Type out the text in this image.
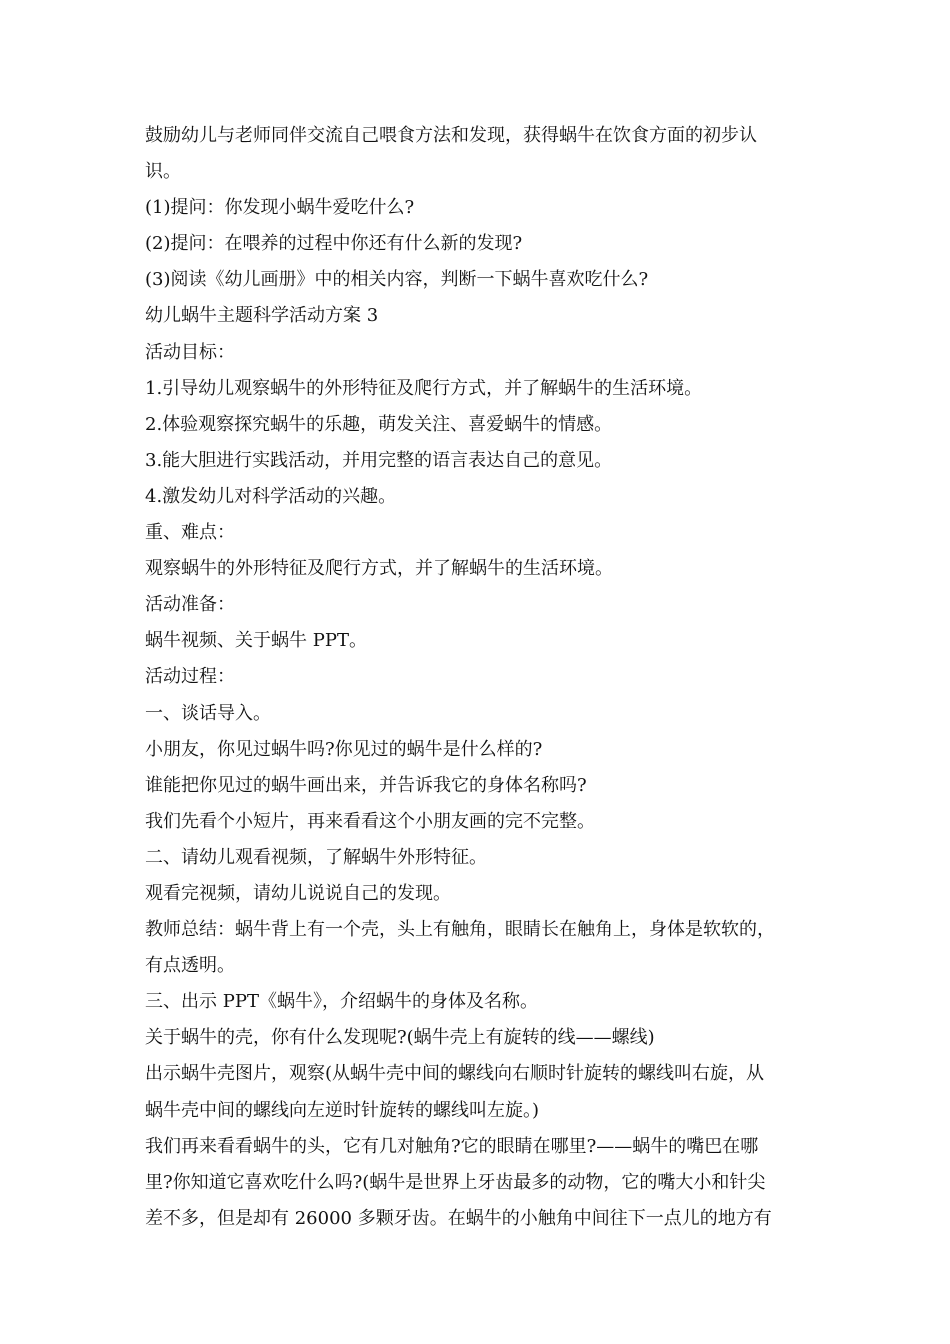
鼓励幼儿与老师同伴交流自己喂食方法和发现，获得蜗牛在饮食方面的初步认
识。
(1)提问：你发现小蜗牛爱吃什么?
(2)提问：在喂养的过程中你还有什么新的发现?
(3)阅读《幼儿画册》中的相关内容，判断一下蜗牛喜欢吃什么?
幼儿蜗牛主题科学活动方案 3
活动目标：
1.引导幼儿观察蜗牛的外形特征及爬行方式，并了解蜗牛的生活环境。
2.体验观察探究蜗牛的乐趣，萌发关注、喜爱蜗牛的情感。
3.能大胆进行实践活动，并用完整的语言表达自己的意见。
4.激发幼儿对科学活动的兴趣。
重、难点：
观察蜗牛的外形特征及爬行方式，并了解蜗牛的生活环境。
活动准备：
蜗牛视频、关于蜗牛 PPT。
活动过程：
一、谈话导入。
小朋友，你见过蜗牛吗?你见过的蜗牛是什么样的?
谁能把你见过的蜗牛画出来，并告诉我它的身体名称吗?
我们先看个小短片，再来看看这个小朋友画的完不完整。
二、请幼儿观看视频，了解蜗牛外形特征。
观看完视频，请幼儿说说自己的发现。
教师总结：蜗牛背上有一个壳，头上有触角，眼睛长在触角上，身体是软软的，
有点透明。
三、出示 PPT《蜗牛》，介绍蜗牛的身体及名称。
关于蜗牛的壳，你有什么发现呢?(蜗牛壳上有旋转的线——螺线)
出示蜗牛壳图片，观察(从蜗牛壳中间的螺线向右顺时针旋转的螺线叫右旋，从
蜗牛壳中间的螺线向左逆时针旋转的螺线叫左旋。)
我们再来看看蜗牛的头，它有几对触角?它的眼睛在哪里?——蜗牛的嘴巴在哪
里?你知道它喜欢吃什么吗?(蜗牛是世界上牙齿最多的动物，它的嘴大小和针尖
差不多，但是却有 26000 多颗牙齿。在蜗牛的小触角中间往下一点儿的地方有
